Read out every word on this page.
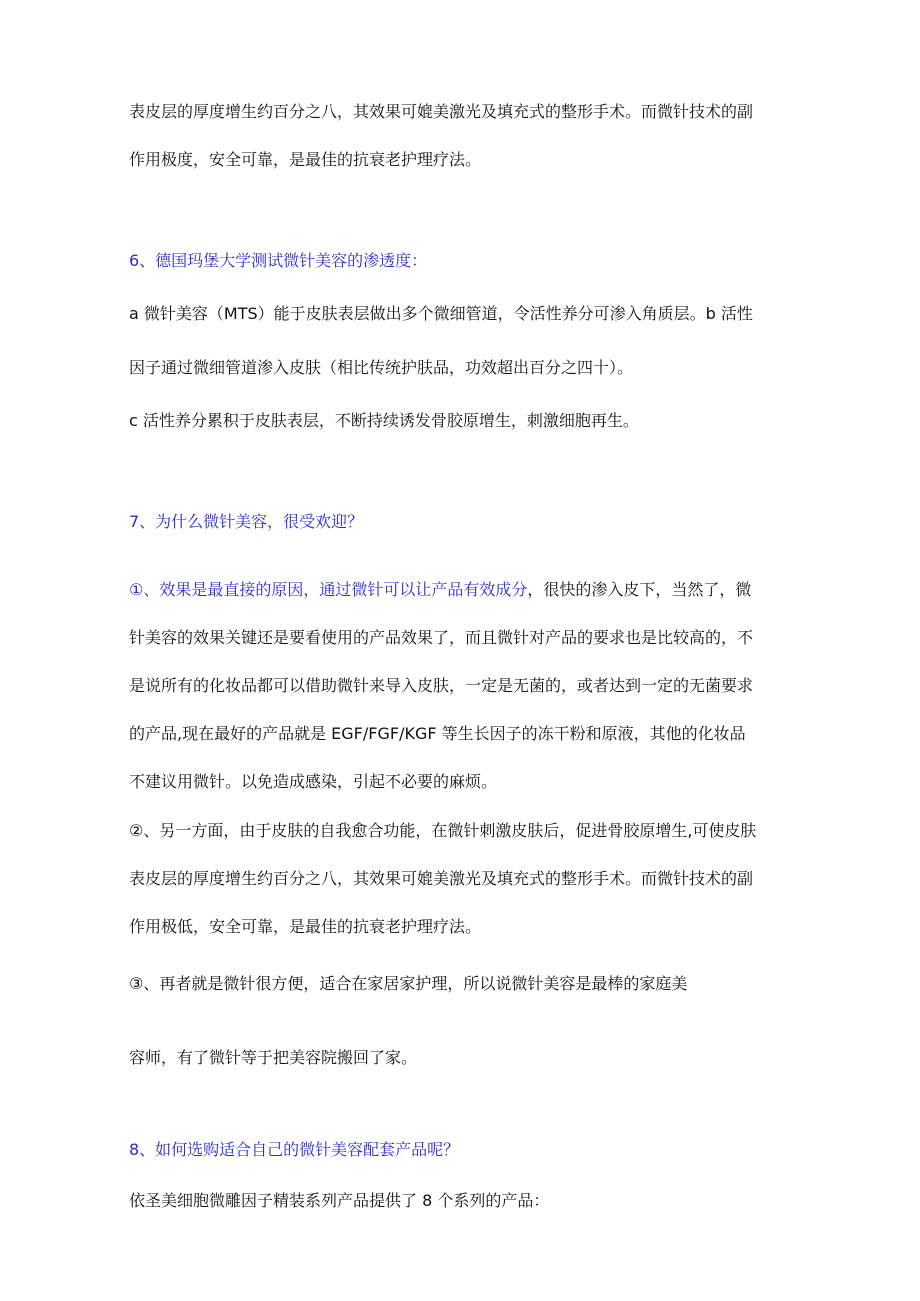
表皮层的厚度增生约百分之八，其效果可媲美激光及填充式的整形手术。而微针技术的副
作用极度，安全可靠，是最佳的抗衰老护理疗法。
6、德国玛堡大学测试微针美容的渗透度：
a 微针美容（MTS）能于皮肤表层做出多个微细管道，令活性养分可渗入角质层。b 活性
因子通过微细管道渗入皮肤（相比传统护肤品，功效超出百分之四十）。
c 活性养分累积于皮肤表层，不断持续诱发骨胶原增生，刺激细胞再生。
7、为什么微针美容，很受欢迎？
①、效果是最直接的原因，通过微针可以让产品有效成分，很快的渗入皮下，当然了，微
针美容的效果关键还是要看使用的产品效果了，而且微针对产品的要求也是比较高的，不
是说所有的化妆品都可以借助微针来导入皮肤，一定是无菌的，或者达到一定的无菌要求
的产品,现在最好的产品就是 EGF/FGF/KGF 等生长因子的冻干粉和原液，其他的化妆品
不建议用微针。以免造成感染，引起不必要的麻烦。
②、另一方面，由于皮肤的自我愈合功能，在微针刺激皮肤后，促进骨胶原增生,可使皮肤
表皮层的厚度增生约百分之八，其效果可媲美激光及填充式的整形手术。而微针技术的副
作用极低，安全可靠，是最佳的抗衰老护理疗法。
③、再者就是微针很方便，适合在家居家护理，所以说微针美容是最棒的家庭美
容师，有了微针等于把美容院搬回了家。
8、如何选购适合自己的微针美容配套产品呢？
依圣美细胞微雕因子精装系列产品提供了 8 个系列的产品：
